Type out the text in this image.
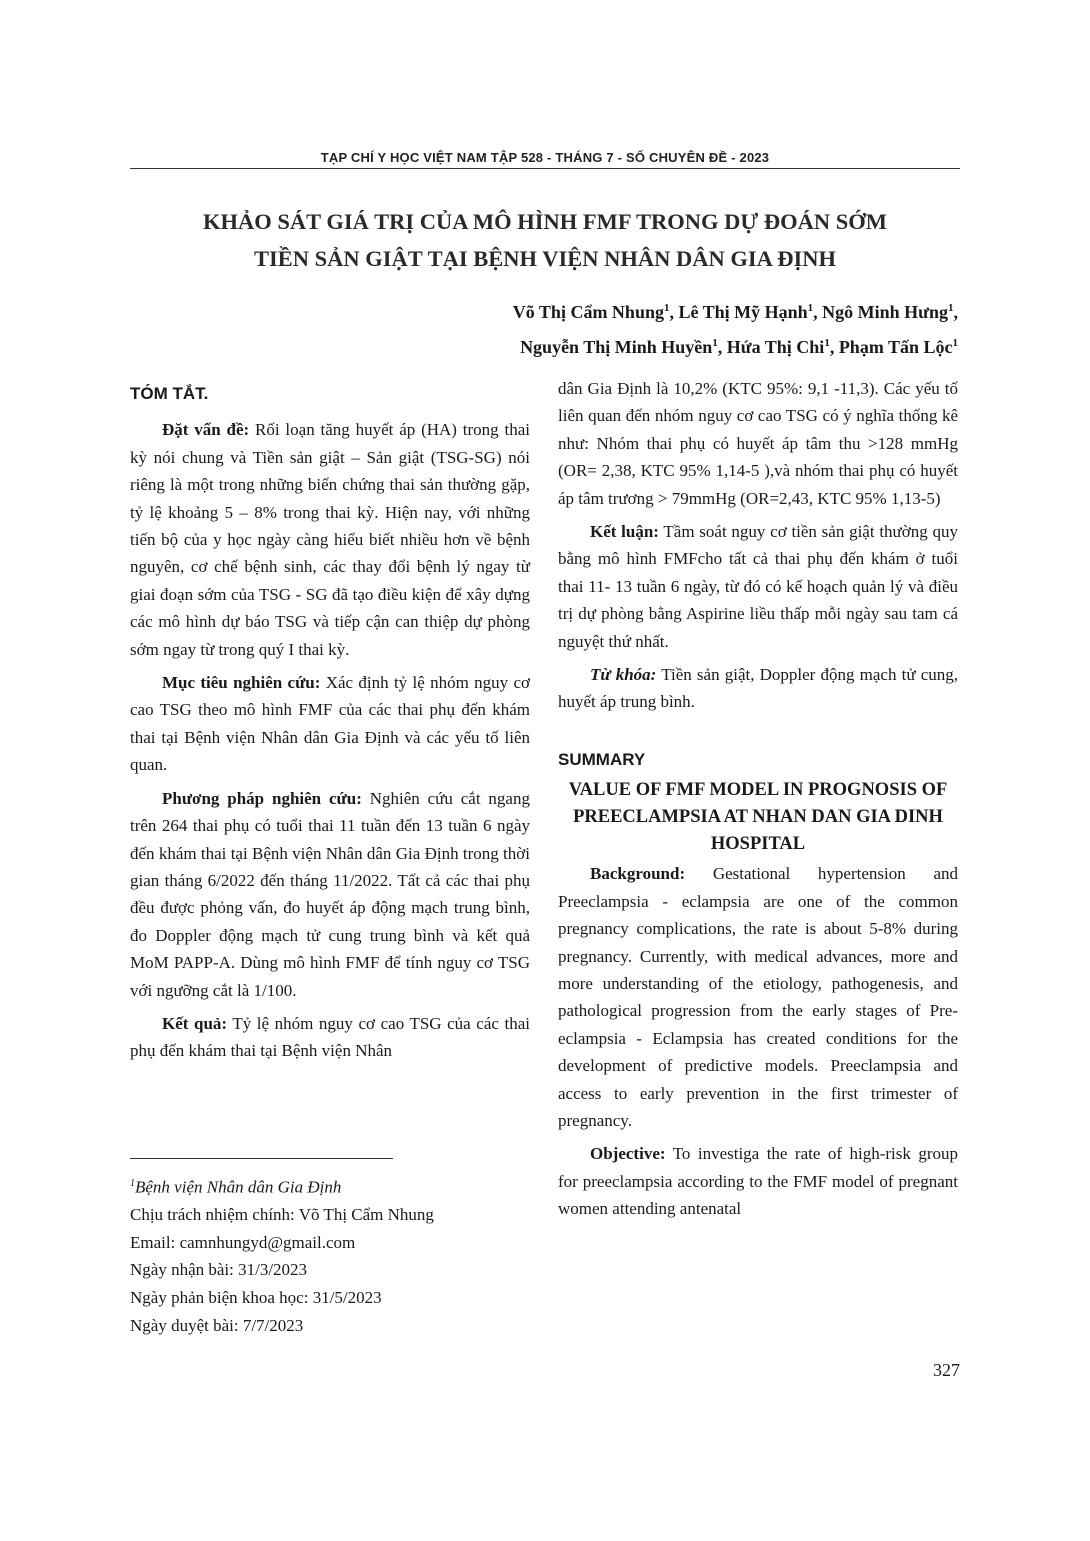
TẠP CHÍ Y HỌC VIỆT NAM TẬP 528 - THÁNG 7 - SỐ CHUYÊN ĐỀ - 2023
KHẢO SÁT GIÁ TRỊ CỦA MÔ HÌNH FMF TRONG DỰ ĐOÁN SỚM
TIỀN SẢN GIẬT TẠI BỆNH VIỆN NHÂN DÂN GIA ĐỊNH
Võ Thị Cẩm Nhung$^1$, Lê Thị Mỹ Hạnh$^1$, Ngô Minh Hưng$^1$,
Nguyễn Thị Minh Huyền$^1$, Hứa Thị Chi$^1$, Phạm Tấn Lộc$^1$
TÓM TẮT.

Đặt vấn đề: Rối loạn tăng huyết áp (HA) trong thai kỳ nói chung và Tiền sản giật – Sản giật (TSG-SG) nói riêng là một trong những biến chứng thai sản thường gặp, tỷ lệ khoảng 5 – 8% trong thai kỳ. Hiện nay, với những tiến bộ của y học ngày càng hiểu biết nhiều hơn về bệnh nguyên, cơ chế bệnh sinh, các thay đổi bệnh lý ngay từ giai đoạn sớm của TSG - SG đã tạo điều kiện để xây dựng các mô hình dự báo TSG và tiếp cận can thiệp dự phòng sớm ngay từ trong quý I thai kỳ.

Mục tiêu nghiên cứu: Xác định tỷ lệ nhóm nguy cơ cao TSG theo mô hình FMF của các thai phụ đến khám thai tại Bệnh viện Nhân dân Gia Định và các yếu tố liên quan.

Phương pháp nghiên cứu: Nghiên cứu cắt ngang trên 264 thai phụ có tuổi thai 11 tuần đến 13 tuần 6 ngày đến khám thai tại Bệnh viện Nhân dân Gia Định trong thời gian tháng 6/2022 đến tháng 11/2022. Tất cả các thai phụ đều được phỏng vấn, đo huyết áp động mạch trung bình, đo Doppler động mạch tử cung trung bình và kết quả MoM PAPP-A. Dùng mô hình FMF để tính nguy cơ TSG với ngưỡng cắt là 1/100.

Kết quả: Tỷ lệ nhóm nguy cơ cao TSG của các thai phụ đến khám thai tại Bệnh viện Nhân

dân Gia Định là 10,2% (KTC 95%: 9,1 -11,3). Các yếu tố liên quan đến nhóm nguy cơ cao TSG có ý nghĩa thống kê như: Nhóm thai phụ có huyết áp tâm thu >128 mmHg (OR= 2,38, KTC 95% 1,14-5 ),và nhóm thai phụ có huyết áp tâm trương > 79mmHg (OR=2,43, KTC 95% 1,13-5)

Kết luận: Tầm soát nguy cơ tiền sản giật thường quy bằng mô hình FMFcho tất cả thai phụ đến khám ở tuổi thai 11- 13 tuần 6 ngày, từ đó có kế hoạch quản lý và điều trị dự phòng bằng Aspirine liều thấp mỗi ngày sau tam cá nguyệt thứ nhất.

Từ khóa: Tiền sản giật, Doppler động mạch tử cung, huyết áp trung bình.

SUMMARY
VALUE OF FMF MODEL IN PROGNOSIS OF PREECLAMPSIA AT NHAN DAN GIA DINH HOSPITAL

Background: Gestational hypertension and Preeclampsia - eclampsia are one of the common pregnancy complications, the rate is about 5-8% during pregnancy. Currently, with medical advances, more and more understanding of the etiology, pathogenesis, and pathological progression from the early stages of Pre-eclampsia - Eclampsia has created conditions for the development of predictive models. Preeclampsia and access to early prevention in the first trimester of pregnancy.

Objective: To investiga the rate of high-risk group for preeclampsia according to the FMF model of pregnant women attending antenatal

$^1$Bệnh viện Nhân dân Gia Định
Chịu trách nhiệm chính: Võ Thị Cẩm Nhung
Email: camnhungyd@gmail.com
Ngày nhận bài: 31/3/2023
Ngày phản biện khoa học: 31/5/2023
Ngày duyệt bài: 7/7/2023
327
